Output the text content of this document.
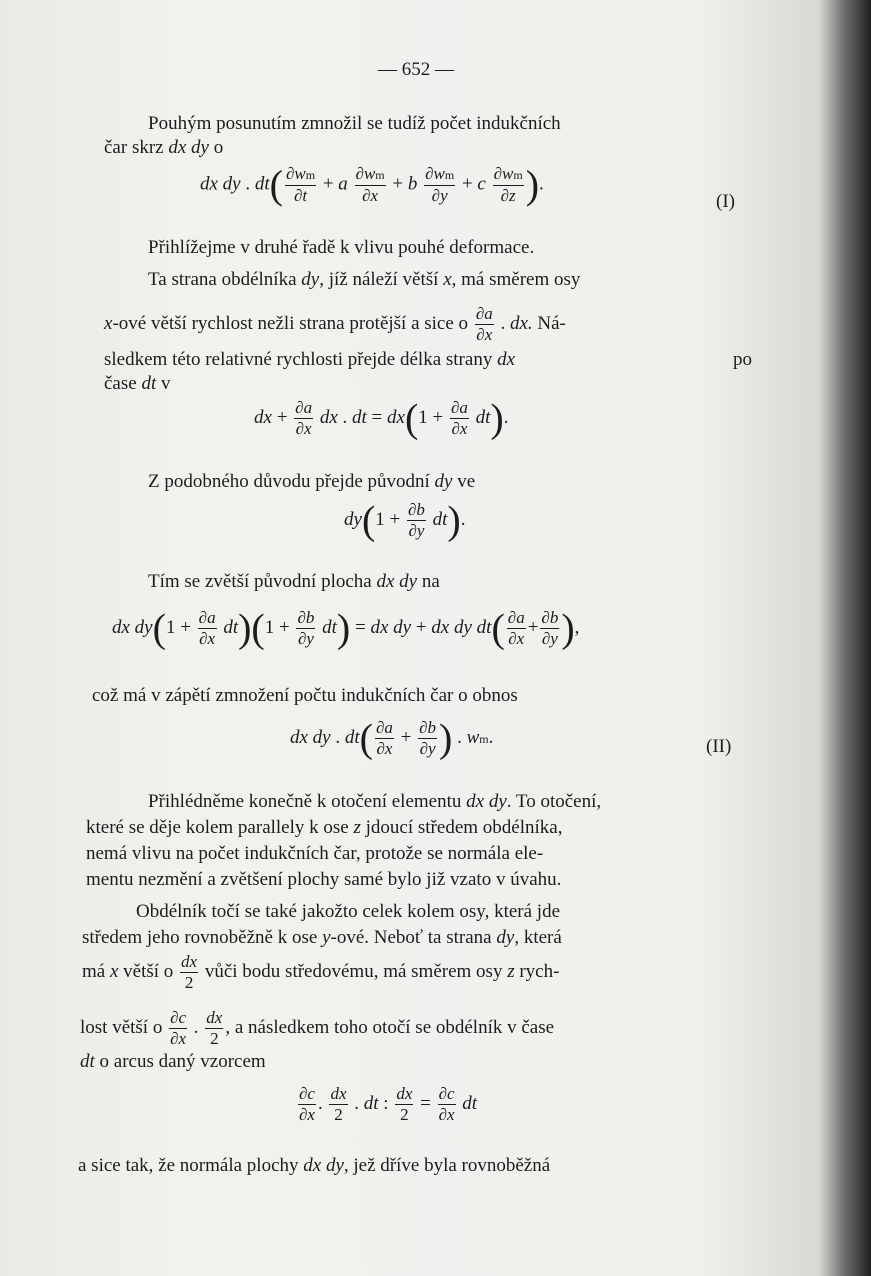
— 652 —
Pouhým posunutím zmnožil se tudíž počet indukčních
čar skrz dx dy o
dx dy . $dt( \frac{\partial wm}{\partial t} + a \frac{\partial wm}{\partial x} + b \frac{\partial wm}{\partial y} + c \frac{\partial wm}{\partial z}$ ).
(I)
Přihlížejme v druhé řadě k vlivu pouhé deformace.
Ta strana obdélníka dy, jíž náleží větší x, má směrem osy
x-ové větší rychlost nežli strana protější a sice o $\frac{\partial a}{\partial x}$ . dx. Ná-
sledkem této relativné rychlosti přejde délka strany dx	po
čase dt v
dx + $\frac{\partial a}{\partial x}$ dx . dt = $dx(1 + \frac{\partial a}{\partial x} dt)$.
Z podobného důvodu přejde původní dy ve
$dy(1 + \frac{\partial b}{\partial y} dt)$.
Tím se zvětší původní plocha dx dy na
dx $dy(1 + \frac{\partial a}{\partial x} dt)(1 + \frac{\partial b}{\partial y} dt)$ = dx dy + dx dy $dt( \frac{\partial a}{\partial x} + \frac{\partial b}{\partial y}$ ),
což má v zápětí zmnožení počtu indukčních čar o obnos
dx dy . $dt( \frac{\partial a}{\partial x} + \frac{\partial b}{\partial y}$ ) . wm.	(II)
Přihlédněme konečně k otočení elementu dx dy. To otočení,
které se děje kolem parallely k ose z jdoucí středem obdélníka,
nemá vlivu na počet indukčních čar, protože se normála ele-
mentu nezmění a zvětšení plochy samé bylo již vzato v úvahu.
Obdélník točí se také jakožto celek kolem osy, která jde
středem jeho rovnoběžně k ose y-ové. Neboť ta strana dy, která
má x větší o $\frac{dx}{2}$ vůči bodu středovému, má směrem osy z rych-
lost větší o $\frac{\partial c}{\partial x}$ . $\frac{dx}{2}$ , a následkem toho otočí se obdélník v čase
dt o arcus daný vzorcem
$\frac{\partial c}{\partial x}$ . $\frac{dx}{2}$ . dt : $\frac{dx}{2} = \frac{\partial c}{\partial x}$ dt
a sice tak, že normála plochy dx dy, jež dříve byla rovnoběžná
